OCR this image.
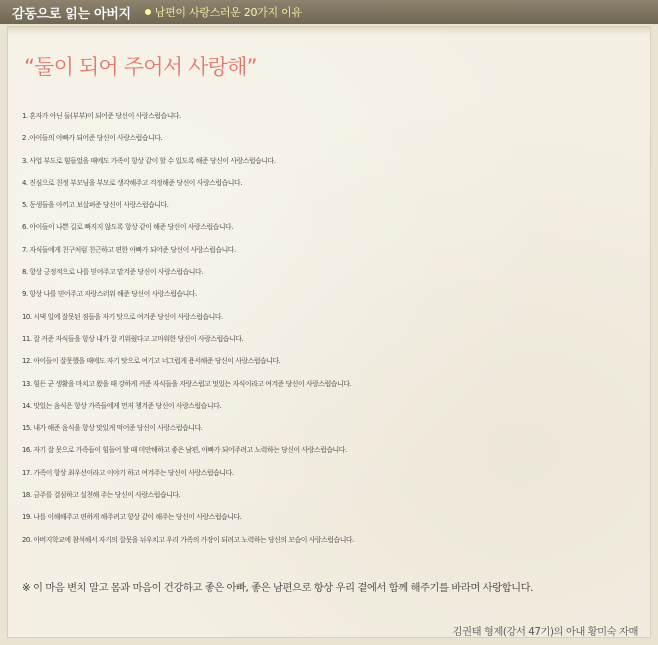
감동으로 읽는 아버지 남편이 사랑스러운 20가지 이유
“둘이 되어 주어서 사랑해”
1. 혼자가 아닌 둘(부부)이 되어준 당신이 사랑스럽습니다.
2 .아이들의 아빠가 되어준 당신이 사랑스럽습니다.
3. 사업 부도로 힘들었을 때에도 가족이 항상 같이 할 수 있도록 해준 당신이 사랑스럽습니다.
4. 진심으로 친정 부모님을 부모로 생각해주고 걱정해준 당신이 사랑스럽습니다.
5. 동생들을 아끼고 보살펴준 당신이 사랑스럽습니다.
6. 아이들이 나쁜 길로 빠지지 않도록 항상 같이 해준 당신이 사랑스럽습니다.
7. 자식들에게 친구처럼 친근하고 편한 아빠가 되어준 당신이 사랑스럽습니다.
8. 항상 긍정적으로 나를 믿어주고 맡겨준 당신이 사랑스럽습니다.
9. 항상 나를 믿어주고 자랑스러워 해준 당신이 사랑스럽습니다.
10. 시댁 일에 잘못된 점들을 자기 탓으로 여겨준 당신이 사랑스럽습니다.
11. 잘 커준 자식들을 항상 내가 잘 키워줬다고 고마워한 당신이 사랑스럽습니다.
12. 아이들이 잘못했을 때에도 자기 탓으로 여기고 너그럽게 용서해준 당신이 사랑스럽습니다.
13. 힘든 군 생활을 마치고 왔을 때 강하게 커준 자식들을 자랑스럽고 멋있는 자식이라고 여겨준 당신이 사랑스럽습니다.
14. 맛있는 음식은 항상 가족들에게 먼저 챙겨준 당신이 사랑스럽습니다.
15. 내가 해준 음식을 항상 맛있게 먹어준 당신이 사랑스럽습니다.
16. 자기 잘 못으로 가족들이 힘들어 할 때 미안해하고 좋은 남편, 아빠가 되어주려고 노력하는 당신이 사랑스럽습니다.
17. 가족이 항상 최우선이라고 이야기 하고 여겨주는 당신이 사랑스럽습니다.
18. 금주를 결심하고 실천해 주는 당신이 사랑스럽습니다.
19. 나를 이해해주고 편하게 해주려고 항상 같이 해주는 당신이 사랑스럽습니다.
20. 아버지학교에 참석해서 자기의 잘못을 뉘우치고 우리 가족의 가장이 되려고 노력하는 당신의 모습이 사랑스럽습니다.

※ 이 마음 변치 말고 몸과 마음이 건강하고 좋은 아빠, 좋은 남편으로 항상 우리 곁에서 함께 해주기를 바라며 사랑합니다.

김권태 형제(강서 47기)의 아내 황미숙 자매
